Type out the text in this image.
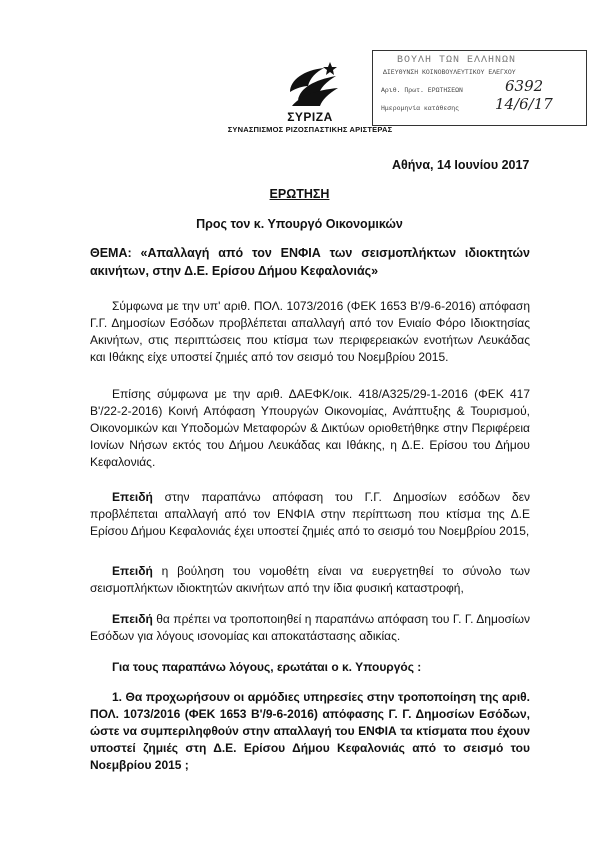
ΣΥΡΙΖΑ
ΣΥΝΑΣΠΙΣΜΟΣ ΡΙΖΟΣΠΑΣΤΙΚΗΣ ΑΡΙΣΤΕΡΑΣ
ΒΟΥΛΗ ΤΩΝ ΕΛΛΗΝΩΝ
ΔΙΕΥΘΥΝΣΗ ΚΟΙΝΟΒΟΥΛΕΥΤΙΚΟΥ ΕΛΕΓΧΟΥ
Αριθ. Πρωτ. ΕΡΩΤΗΣΕΩΝ	6392
Ημερομηνία κατάθεσης 14/6/17
Αθήνα, 14 Ιουνίου 2017
ΕΡΩΤΗΣΗ
Προς τον κ. Υπουργό Οικονομικών
ΘΕΜΑ: «Απαλλαγή από τον ΕΝΦΙΑ των σεισμοπλήκτων ιδιοκτητών ακινήτων, στην Δ.Ε. Ερίσου Δήμου Κεφαλονιάς»
Σύμφωνα με την υπ' αριθ. ΠΟΛ. 1073/2016 (ΦΕΚ 1653 Β'/9-6-2016) απόφαση Γ.Γ. Δημοσίων Εσόδων προβλέπεται απαλλαγή από τον Ενιαίο Φόρο Ιδιοκτησίας Ακινήτων, στις περιπτώσεις που κτίσμα των περιφερειακών ενοτήτων Λευκάδας και Ιθάκης είχε υποστεί ζημιές από τον σεισμό του Νοεμβρίου 2015.
Επίσης σύμφωνα με την αριθ. ΔΑΕΦΚ/οικ. 418/Α325/29-1-2016 (ΦΕΚ 417 Β'/22-2-2016) Κοινή Απόφαση Υπουργών Οικονομίας, Ανάπτυξης & Τουρισμού, Οικονομικών και Υποδομών Μεταφορών & Δικτύων οριοθετήθηκε στην Περιφέρεια Ιονίων Νήσων εκτός του Δήμου Λευκάδας και Ιθάκης, η Δ.Ε. Ερίσου του Δήμου Κεφαλονιάς.
Επειδή στην παραπάνω απόφαση του Γ.Γ. Δημοσίων εσόδων δεν προβλέπεται απαλλαγή από τον ΕΝΦΙΑ στην περίπτωση που κτίσμα της Δ.Ε Ερίσου Δήμου Κεφαλονιάς έχει υποστεί ζημιές από το σεισμό του Νοεμβρίου 2015,
Επειδή η βούληση του νομοθέτη είναι να ευεργετηθεί το σύνολο των σεισμοπλήκτων ιδιοκτητών ακινήτων από την ίδια φυσική καταστροφή,
Επειδή θα πρέπει να τροποποιηθεί η παραπάνω απόφαση του Γ. Γ. Δημοσίων Εσόδων για λόγους ισονομίας και αποκατάστασης αδικίας.
Για τους παραπάνω λόγους, ερωτάται ο κ. Υπουργός :
1. Θα προχωρήσουν οι αρμόδιες υπηρεσίες στην τροποποίηση της αριθ. ΠΟΛ. 1073/2016 (ΦΕΚ 1653 Β'/9-6-2016) απόφασης Γ. Γ. Δημοσίων Εσόδων, ώστε να συμπεριληφθούν στην απαλλαγή του ΕΝΦΙΑ τα κτίσματα που έχουν υποστεί ζημιές στη Δ.Ε. Ερίσου Δήμου Κεφαλονιάς από το σεισμό του Νοεμβρίου 2015 ;
